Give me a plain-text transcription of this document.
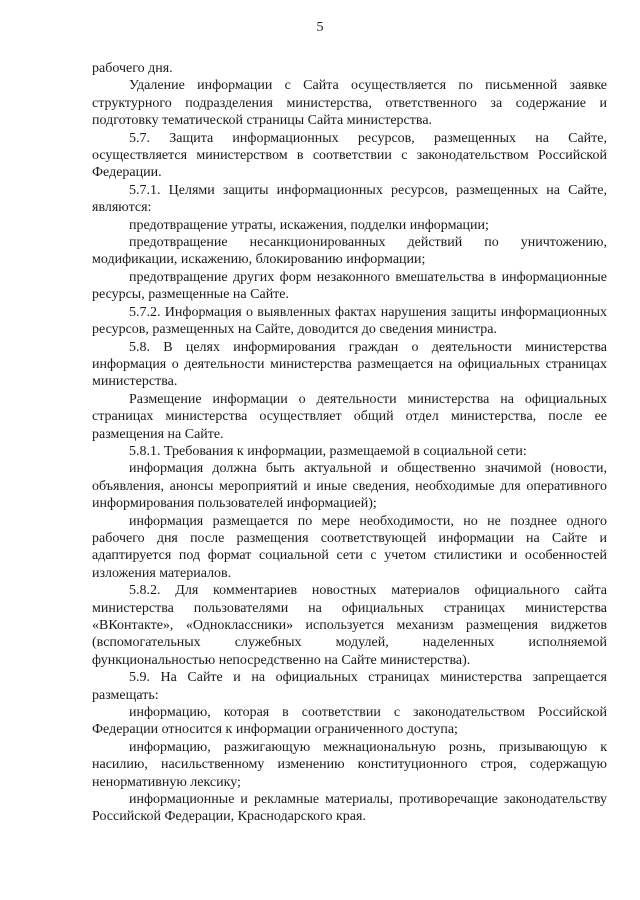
5

рабочего дня.

Удаление информации с Сайта осуществляется по письменной заявке структурного подразделения министерства, ответственного за содержание и подготовку тематической страницы Сайта министерства.

5.7. Защита информационных ресурсов, размещенных на Сайте, осуществляется министерством в соответствии с законодательством Российской Федерации.

5.7.1. Целями защиты информационных ресурсов, размещенных на Сайте, являются:

предотвращение утраты, искажения, подделки информации;

предотвращение несанкционированных действий по уничтожению, модификации, искажению, блокированию информации;

предотвращение других форм незаконного вмешательства в информационные ресурсы, размещенные на Сайте.

5.7.2. Информация о выявленных фактах нарушения защиты информационных ресурсов, размещенных на Сайте, доводится до сведения министра.

5.8. В целях информирования граждан о деятельности министерства информация о деятельности министерства размещается на официальных страницах министерства.

Размещение информации о деятельности министерства на официальных страницах министерства осуществляет общий отдел министерства, после ее размещения на Сайте.

5.8.1. Требования к информации, размещаемой в социальной сети:

информация должна быть актуальной и общественно значимой (новости, объявления, анонсы мероприятий и иные сведения, необходимые для оперативного информирования пользователей информацией);

информация размещается по мере необходимости, но не позднее одного рабочего дня после размещения соответствующей информации на Сайте и адаптируется под формат социальной сети с учетом стилистики и особенностей изложения материалов.

5.8.2. Для комментариев новостных материалов официального сайта министерства пользователями на официальных страницах министерства «ВКонтакте», «Одноклассники» используется механизм размещения виджетов (вспомогательных служебных модулей, наделенных исполняемой функциональностью непосредственно на Сайте министерства).

5.9. На Сайте и на официальных страницах министерства запрещается размещать:

информацию, которая в соответствии с законодательством Российской Федерации относится к информации ограниченного доступа;

информацию, разжигающую межнациональную рознь, призывающую к насилию, насильственному изменению конституционного строя, содержащую ненормативную лексику;

информационные и рекламные материалы, противоречащие законодательству Российской Федерации, Краснодарского края.
